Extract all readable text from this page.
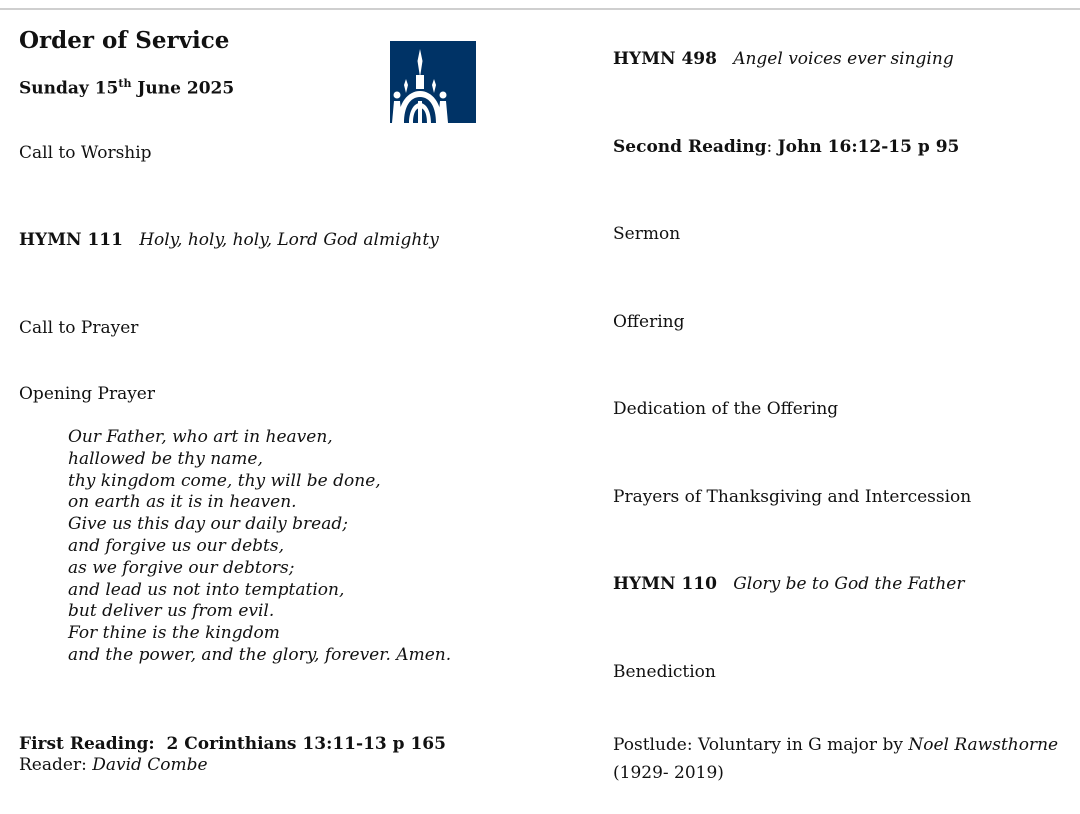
Order of Service
Sunday 15th June 2025
Call to Worship
HYMN 111 Holy, holy, holy, Lord God almighty
Call to Prayer
Opening Prayer
Our Father, who art in heaven,
hallowed be thy name,
thy kingdom come, thy will be done,
on earth as it is in heaven.
Give us this day our daily bread;
and forgive us our debts,
as we forgive our debtors;
and lead us not into temptation,
but deliver us from evil.
For thine is the kingdom
and the power, and the glory, forever. Amen.
First Reading: 2 Corinthians 13:11-13 p 165
Reader: David Combe
HYMN 498 Angel voices ever singing
Second Reading: John 16:12-15 p 95
Sermon
Offering
Dedication of the Offering
Prayers of Thanksgiving and Intercession
HYMN 110 Glory be to God the Father
Benediction
Postlude: Voluntary in G major by Noel Rawsthorne
(1929- 2019)
